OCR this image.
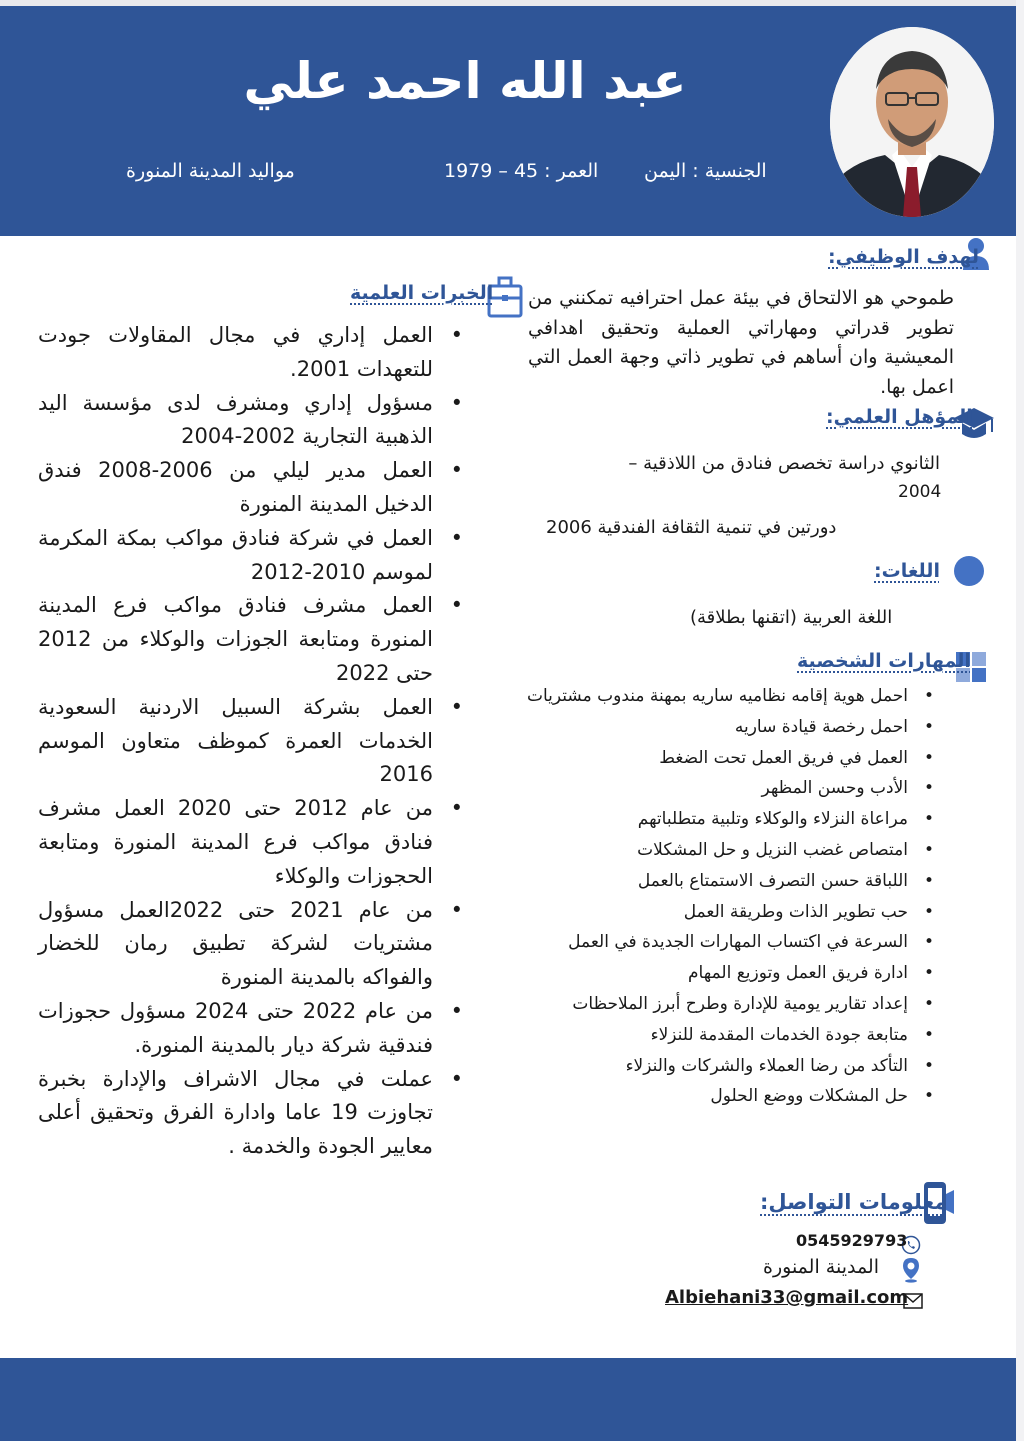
عبد الله احمد علي
الجنسية : اليمن
العمر : 45 – 1979
مواليد المدينة المنورة
لهدف الوظيفي:
طموحي هو الالتحاق في بيئة عمل احترافيه تمكنني من تطوير قدراتي ومهاراتي العملية وتحقيق اهدافي المعيشية وان أساهم في تطوير ذاتي وجهة العمل التي اعمل بها.
المؤهل العلمي:
الثانوي دراسة تخصص فنادق من اللاذقية –
2004
دورتين في تنمية الثقافة الفندقية 2006
اللغات:
اللغة العربية (اتقنها بطلاقة)
المهارات الشخصية
• احمل هوية إقامه نظاميه ساريه بمهنة مندوب مشتريات
• احمل رخصة قيادة ساريه
• العمل في فريق العمل تحت الضغط
• الأدب وحسن المظهر
• مراعاة النزلاء والوكلاء وتلبية متطلباتهم
• امتصاص غضب النزيل و حل المشكلات
• اللباقة حسن التصرف الاستمتاع بالعمل
• حب تطوير الذات وطريقة العمل
• السرعة في اكتساب المهارات الجديدة في العمل
• ادارة فريق العمل وتوزيع المهام
• إعداد تقارير يومية للإدارة وطرح أبرز الملاحظات
• متابعة جودة الخدمات المقدمة للنزلاء
• التأكد من رضا العملاء والشركات والنزلاء
• حل المشكلات ووضع الحلول
معلومات التواصل:
0545929793
المدينة المنورة
Albiehani33@gmail.com
الخبرات العلمية
• العمل إداري في مجال المقاولات جودت للتعهدات 2001.
• مسؤول إداري ومشرف لدى مؤسسة اليد الذهبية التجارية 2002-2004
• العمل مدير ليلي من 2006-2008 فندق الدخيل المدينة المنورة
• العمل في شركة فنادق مواكب بمكة المكرمة لموسم 2010-2012
• العمل مشرف فنادق مواكب فرع المدينة المنورة ومتابعة الجوزات والوكلاء من 2012 حتى 2022
• العمل بشركة السبيل الاردنية السعودية الخدمات العمرة كموظف متعاون الموسم 2016
• من عام 2012 حتى 2020 العمل مشرف فنادق مواكب فرع المدينة المنورة ومتابعة الحجوزات والوكلاء
• من عام 2021 حتى 2022العمل مسؤول مشتريات لشركة تطبيق رمان للخضار والفواكه بالمدينة المنورة
• من عام 2022 حتى 2024 مسؤول حجوزات فندقية شركة ديار بالمدينة المنورة.
• عملت في مجال الاشراف والإدارة بخبرة تجاوزت 19 عاما وادارة الفرق وتحقيق أعلى معايير الجودة والخدمة .
